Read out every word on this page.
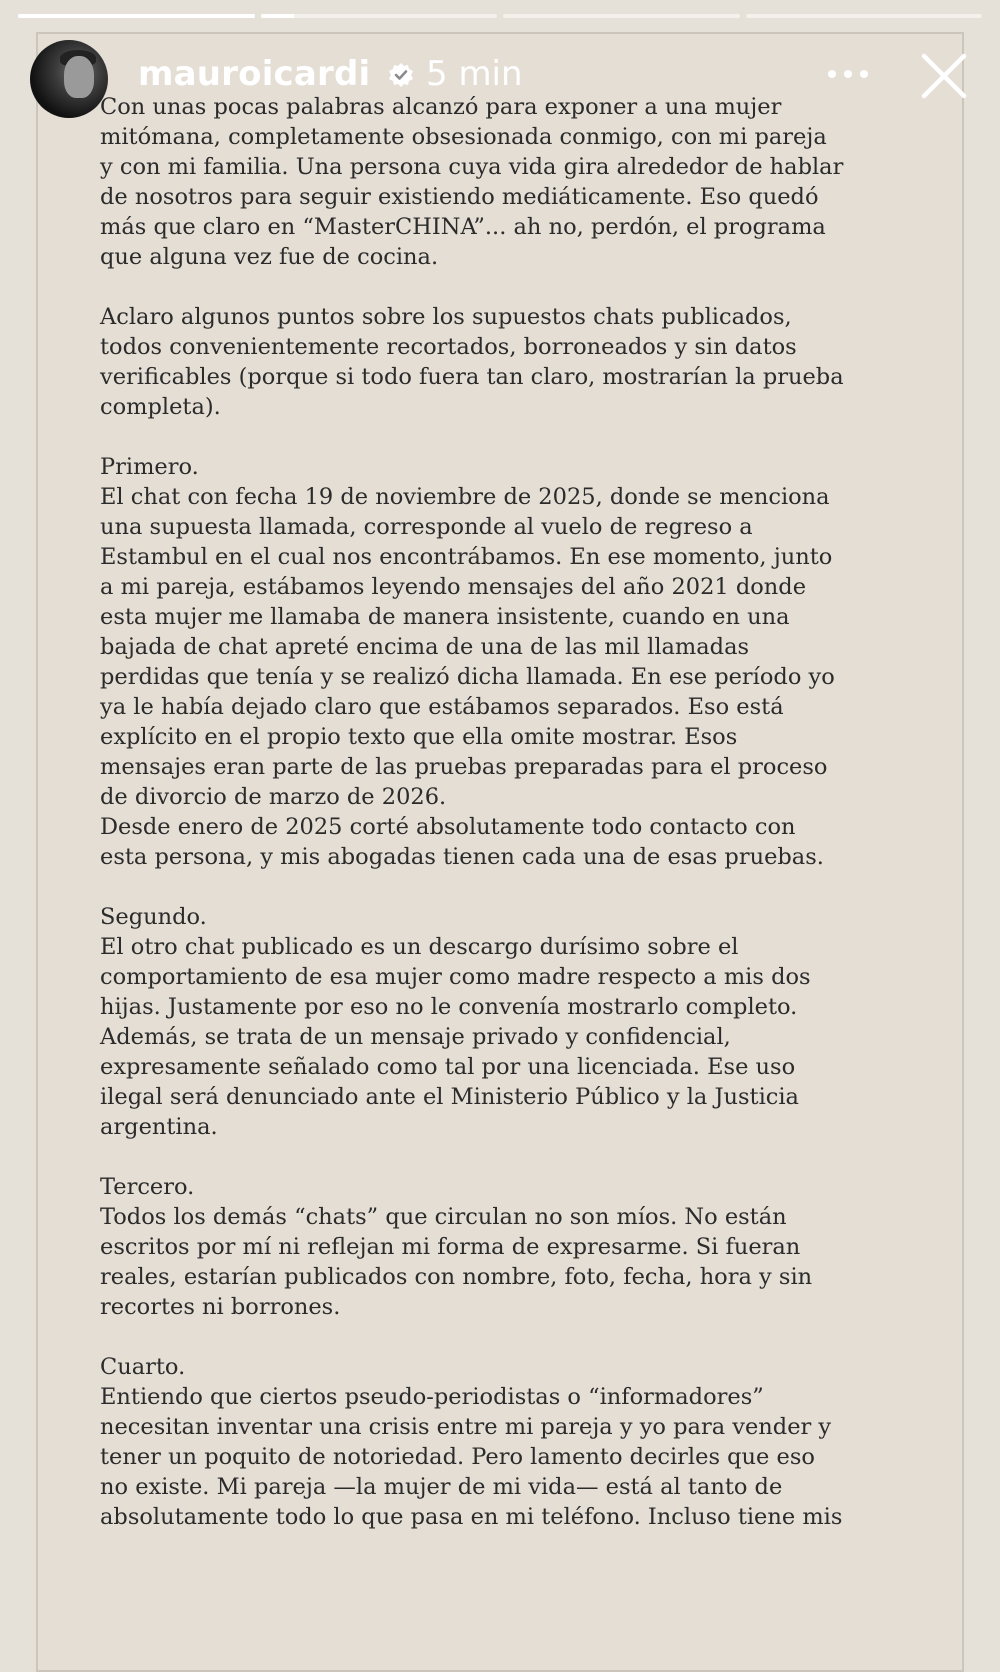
mauroicardi 5 min

Con unas pocas palabras alcanzó para exponer a una mujer
mitómana, completamente obsesionada conmigo, con mi pareja
y con mi familia. Una persona cuya vida gira alrededor de hablar
de nosotros para seguir existiendo mediáticamente. Eso quedó
más que claro en “MasterCHINA”... ah no, perdón, el programa
que alguna vez fue de cocina.

Aclaro algunos puntos sobre los supuestos chats publicados,
todos convenientemente recortados, borroneados y sin datos
verificables (porque si todo fuera tan claro, mostrarían la prueba
completa).

Primero.
El chat con fecha 19 de noviembre de 2025, donde se menciona
una supuesta llamada, corresponde al vuelo de regreso a
Estambul en el cual nos encontrábamos. En ese momento, junto
a mi pareja, estábamos leyendo mensajes del año 2021 donde
esta mujer me llamaba de manera insistente, cuando en una
bajada de chat apreté encima de una de las mil llamadas
perdidas que tenía y se realizó dicha llamada. En ese período yo
ya le había dejado claro que estábamos separados. Eso está
explícito en el propio texto que ella omite mostrar. Esos
mensajes eran parte de las pruebas preparadas para el proceso
de divorcio de marzo de 2026.
Desde enero de 2025 corté absolutamente todo contacto con
esta persona, y mis abogadas tienen cada una de esas pruebas.

Segundo.
El otro chat publicado es un descargo durísimo sobre el
comportamiento de esa mujer como madre respecto a mis dos
hijas. Justamente por eso no le convenía mostrarlo completo.
Además, se trata de un mensaje privado y confidencial,
expresamente señalado como tal por una licenciada. Ese uso
ilegal será denunciado ante el Ministerio Público y la Justicia
argentina.

Tercero.
Todos los demás “chats” que circulan no son míos. No están
escritos por mí ni reflejan mi forma de expresarme. Si fueran
reales, estarían publicados con nombre, foto, fecha, hora y sin
recortes ni borrones.

Cuarto.
Entiendo que ciertos pseudo-periodistas o “informadores”
necesitan inventar una crisis entre mi pareja y yo para vender y
tener un poquito de notoriedad. Pero lamento decirles que eso
no existe. Mi pareja —la mujer de mi vida— está al tanto de
absolutamente todo lo que pasa en mi teléfono. Incluso tiene mis
